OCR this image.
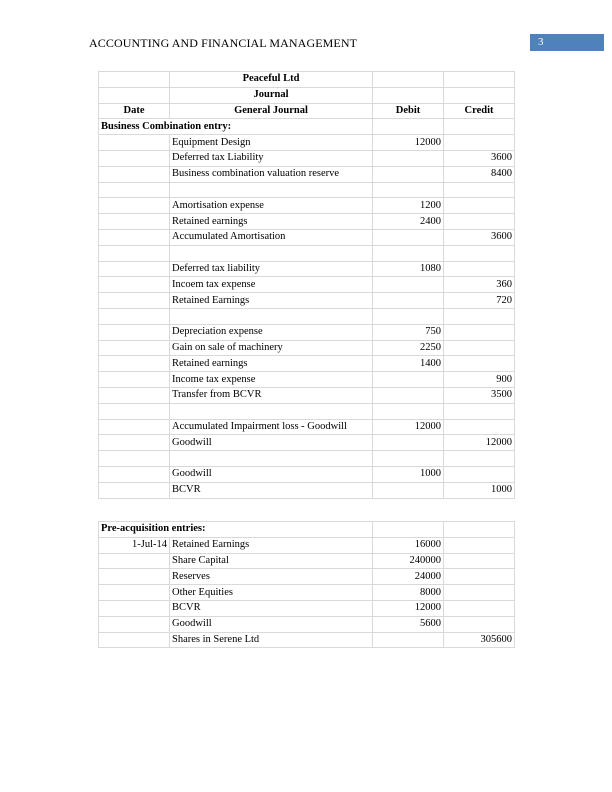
ACCOUNTING AND FINANCIAL MANAGEMENT	3
	Peaceful Ltd		
	Journal		
Date	General Journal	Debit	Credit
Business Combination entry:			
	Equipment Design	12000	
	Deferred tax Liability		3600
	Business combination valuation reserve		8400

	Amortisation expense	1200	
	Retained earnings	2400	
	Accumulated Amortisation		3600

	Deferred tax liability	1080	
	Incoem tax expense		360
	Retained Earnings		720

	Depreciation expense	750	
	Gain on sale of machinery	2250	
	Retained earnings	1400	
	Income tax expense		900
	Transfer from BCVR		3500

	Accumulated Impairment loss - Goodwill	12000	
	Goodwill		12000

	Goodwill	1000	
	BCVR		1000
Pre-acquisition entries:			
1-Jul-14	Retained Earnings	16000	
	Share Capital	240000	
	Reserves	24000	
	Other Equities	8000	
	BCVR	12000	
	Goodwill	5600	
	Shares in Serene Ltd		305600
